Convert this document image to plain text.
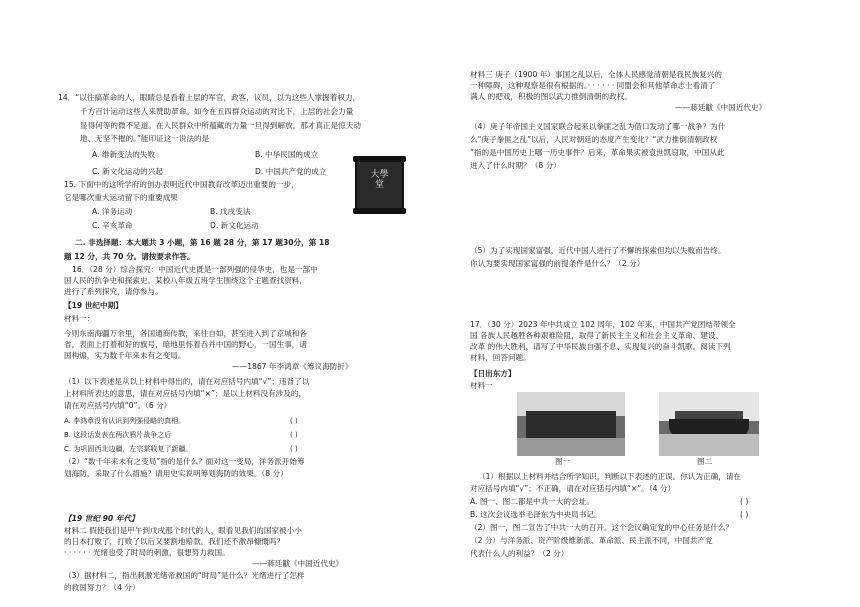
14．“以往搞革命的人，眼睛总是看着上层的军官，政客，议员，以为这些人掌握着权力，
千方百计运动这些人来赞助革命。如今在五四群众运动的对比下，上层的社会力量
显得何等的微不足道。在人民群众中所蕴藏的力量一旦得到解放，那才真正是惊天动
地、无坚不摧的。”能印证这一说法的是
A. 维新变法的失败	B. 中华民国的成立
C. 新文化运动的兴起	D. 中国共产党的成立	大學堂
15. 下面中的这所学府的创办表明近代中国教育改革迈出重要的一步，
它是哪次重大运动留下的重要成果
A. 洋务运动	B. 戊戌变法
C. 辛亥革命	D. 新文化运动
二. 非选择题：本大题共 3 小题，第 16 题 28 分，第 17 题30分，第 18
题 12 分，共 70 分。请按要求作答。
16．（28 分）综合探究：中国近代史既是一部列强的侵华史，也是一部中
国人民的抗争史和探索史。某校八年级五班学生围绕这个主题查找资料，
进行了系列探究，请你参与。
【19 世纪中期】
材料一：
今则东南海疆万余里，各国通商传教，来往自如，甚至进入到了京城和各
省，表面上打着和好的旗号，暗地里怀着吞并中国的野心，一国生事，诸
国构煽，实为数千年来未有之变局。
——1867 年李鸿章《筹议海防折》
（1）以下表述是从以上材料中得出的，请在对应括号内填“√”；违背了以
上材料所表达的意思，请在对应括号内填“×”；是以上材料没有涉及的，
请在对应括号内填“0”。（6 分）
A. 李鸿章没有认识到列强侵略的真相。	( )
B. 这段话发表在两次鸦片战争之后	( )
C. 为巩固西北边疆，左宗棠收复了新疆。	( )
（2）“数千年来未有之变局”指的是什么？面对这一变局，洋务派开始筹
划海防，采取了什么措施？请用史实说明筹划海防的效果。（8 分）
【19 世纪 90 年代】
材料二 假使我们是甲午到戊戌那个时代的人，眼看见我们的国家被小小
的日本打败了，打败了以后又要割地赔款，我们还不激昂慷慨吗？
· · · · · · 光绪也受了时局的刺激，很想努力救国。
——蒋廷黻《中国近代史》
（3）据材料二，指出刺激光绪帝救国的“时局”是什么？光绪进行了怎样
的救国努力？（4 分）
材料三 庚子（1900 年）事国之乱以后，全体人民感觉清朝是我民族复兴的
一种障碍，这种观察是很有根据的。· · · · · · 同盟会和其他革命志士看清了
满人 的把戏，积极的图以武力推倒清朝的政权。
——蒋廷黻《中国近代史》
（4）庚子年帝国主义国家联合起来以拳匪之乱为借口发动了哪一战争？为什
么“庚子拳匪之乱”以后，人民对朝廷的态度产生变化？“武力推倒清朝政权
”指的是中国历史上哪一历史事件？后来，革命果实被袁世凯窃取，中国从此
进入了什么时期？（8 分）
（5）为了实现国家富强，近代中国人进行了不懈的探索但均以失败而告终。
你认为要实现国家富强的前提条件是什么？（2 分）
17．（30 分）2023 年中共成立 102 周年，102 年来，中国共产党团结带领全
国 各族人民越胜各种艰难险阻，取得了新民主主义和社会主义革命、建设、
改革 的伟大胜利，谱写了中华民族自强不息、实现复兴的奋斗凯歌。阅读下列
材料，回答问题。
【日出东方】
材料一
图一	图二
（1）根据以上材料并结合所学知识，判断以下表述的正误。你认为正确，请在
对应括号内填“√”；不正确，请在对应括号内填“×”。（4 分）
A. 图一、图二都是中共一大的会址。	( )
B. 这次会议选举毛泽东为中央局书记。	( )
（2）图一，图二宣告了中共一大的召开。这个会议确定党的中心任务是什么？
（2 分）与洋务派、资产阶级维新派、革命派、民主派不同，中国共产党
代表什么人的利益？（2 分）
